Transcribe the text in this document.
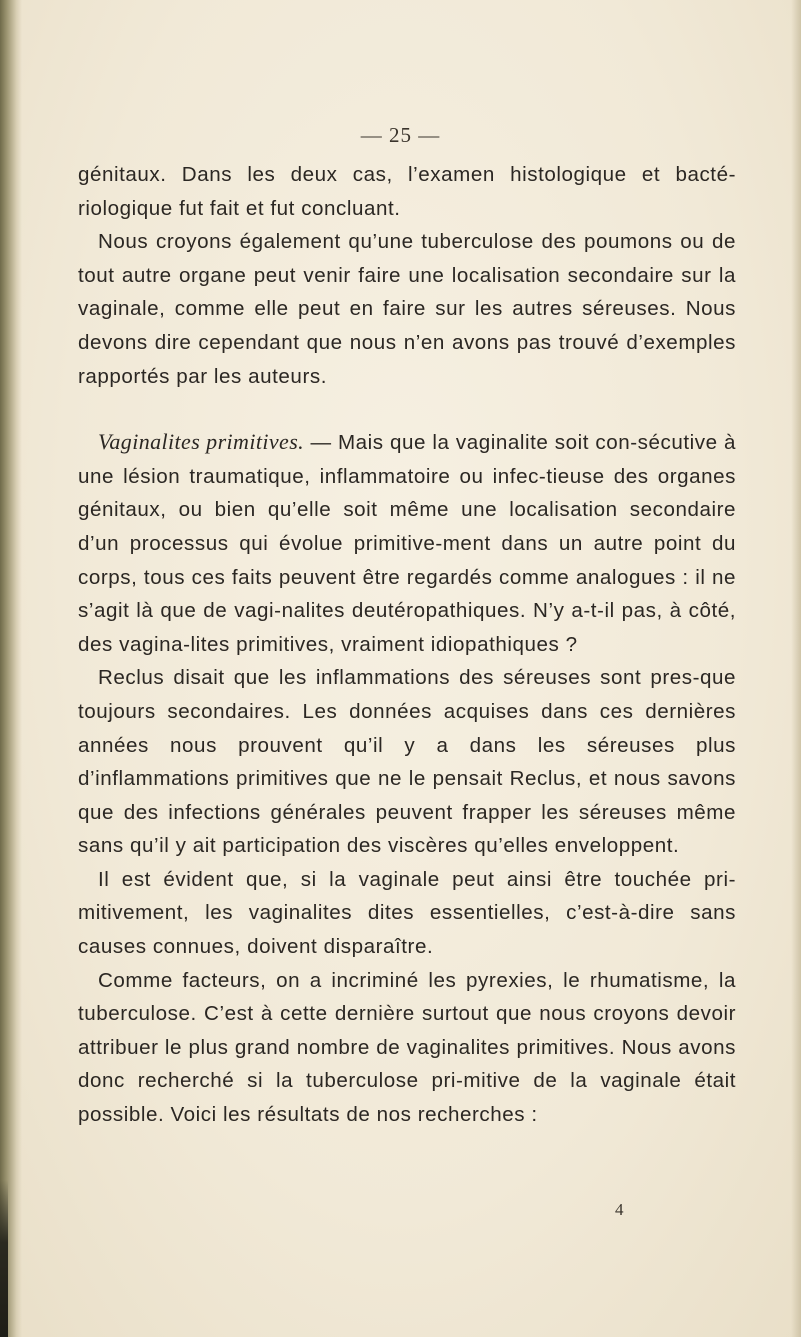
— 25 —

génitaux. Dans les deux cas, l’examen histologique et bacté-riologique fut fait et fut concluant.

Nous croyons également qu’une tuberculose des poumons ou de tout autre organe peut venir faire une localisation secondaire sur la vaginale, comme elle peut en faire sur les autres séreuses. Nous devons dire cependant que nous n’en avons pas trouvé d’exemples rapportés par les auteurs.

Vaginalites primitives. — Mais que la vaginalite soit con-sécutive à une lésion traumatique, inflammatoire ou infec-tieuse des organes génitaux, ou bien qu’elle soit même une localisation secondaire d’un processus qui évolue primitive-ment dans un autre point du corps, tous ces faits peuvent être regardés comme analogues : il ne s’agit là que de vagi-nalites deutéropathiques. N’y a-t-il pas, à côté, des vagina-lites primitives, vraiment idiopathiques ?

Reclus disait que les inflammations des séreuses sont pres-que toujours secondaires. Les données acquises dans ces dernières années nous prouvent qu’il y a dans les séreuses plus d’inflammations primitives que ne le pensait Reclus, et nous savons que des infections générales peuvent frapper les séreuses même sans qu’il y ait participation des viscères qu’elles enveloppent.

Il est évident que, si la vaginale peut ainsi être touchée pri-mitivement, les vaginalites dites essentielles, c’est-à-dire sans causes connues, doivent disparaître.

Comme facteurs, on a incriminé les pyrexies, le rhumatisme, la tuberculose. C’est à cette dernière surtout que nous croyons devoir attribuer le plus grand nombre de vaginalites primitives. Nous avons donc recherché si la tuberculose pri-mitive de la vaginale était possible. Voici les résultats de nos recherches :

4
